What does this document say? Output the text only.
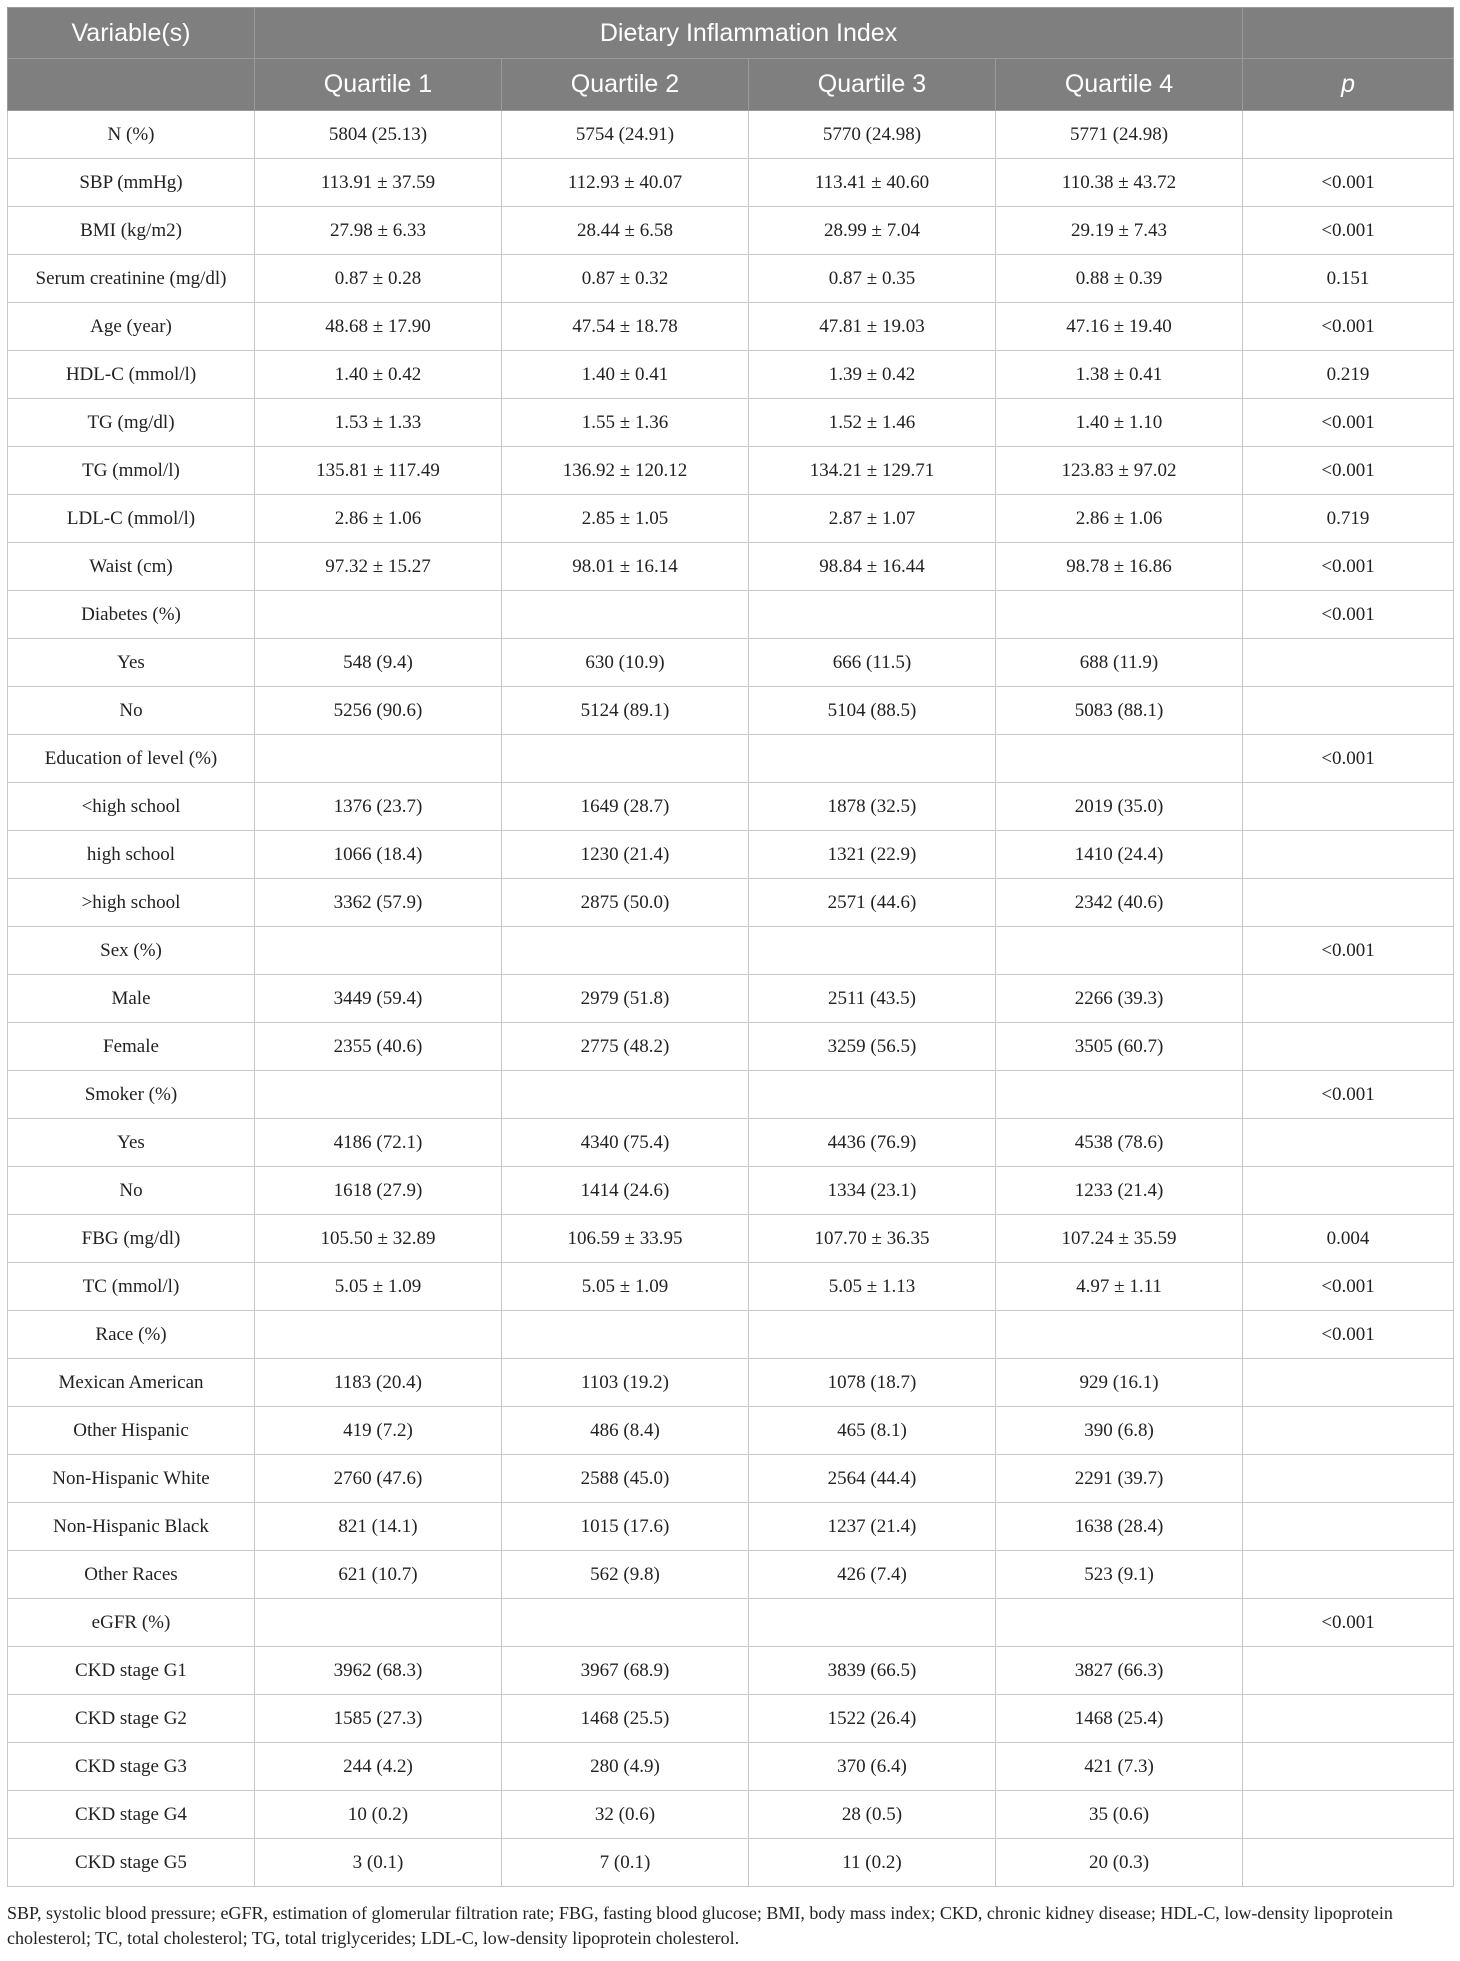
Variable(s)	Dietary Inflammation Index				
	Quartile 1	Quartile 2	Quartile 3	Quartile 4	p
N (%)	5804 (25.13)	5754 (24.91)	5770 (24.98)	5771 (24.98)	
SBP (mmHg)	113.91 ± 37.59	112.93 ± 40.07	113.41 ± 40.60	110.38 ± 43.72	<0.001
BMI (kg/m2)	27.98 ± 6.33	28.44 ± 6.58	28.99 ± 7.04	29.19 ± 7.43	<0.001
Serum creatinine (mg/dl)	0.87 ± 0.28	0.87 ± 0.32	0.87 ± 0.35	0.88 ± 0.39	0.151
Age (year)	48.68 ± 17.90	47.54 ± 18.78	47.81 ± 19.03	47.16 ± 19.40	<0.001
HDL-C (mmol/l)	1.40 ± 0.42	1.40 ± 0.41	1.39 ± 0.42	1.38 ± 0.41	0.219
TG (mg/dl)	1.53 ± 1.33	1.55 ± 1.36	1.52 ± 1.46	1.40 ± 1.10	<0.001
TG (mmol/l)	135.81 ± 117.49	136.92 ± 120.12	134.21 ± 129.71	123.83 ± 97.02	<0.001
LDL-C (mmol/l)	2.86 ± 1.06	2.85 ± 1.05	2.87 ± 1.07	2.86 ± 1.06	0.719
Waist (cm)	97.32 ± 15.27	98.01 ± 16.14	98.84 ± 16.44	98.78 ± 16.86	<0.001
Diabetes (%)					<0.001
Yes	548 (9.4)	630 (10.9)	666 (11.5)	688 (11.9)	
No	5256 (90.6)	5124 (89.1)	5104 (88.5)	5083 (88.1)	
Education of level (%)					<0.001
<high school	1376 (23.7)	1649 (28.7)	1878 (32.5)	2019 (35.0)	
high school	1066 (18.4)	1230 (21.4)	1321 (22.9)	1410 (24.4)	
>high school	3362 (57.9)	2875 (50.0)	2571 (44.6)	2342 (40.6)	
Sex (%)					<0.001
Male	3449 (59.4)	2979 (51.8)	2511 (43.5)	2266 (39.3)	
Female	2355 (40.6)	2775 (48.2)	3259 (56.5)	3505 (60.7)	
Smoker (%)					<0.001
Yes	4186 (72.1)	4340 (75.4)	4436 (76.9)	4538 (78.6)	
No	1618 (27.9)	1414 (24.6)	1334 (23.1)	1233 (21.4)	
FBG (mg/dl)	105.50 ± 32.89	106.59 ± 33.95	107.70 ± 36.35	107.24 ± 35.59	0.004
TC (mmol/l)	5.05 ± 1.09	5.05 ± 1.09	5.05 ± 1.13	4.97 ± 1.11	<0.001
Race (%)					<0.001
Mexican American	1183 (20.4)	1103 (19.2)	1078 (18.7)	929 (16.1)	
Other Hispanic	419 (7.2)	486 (8.4)	465 (8.1)	390 (6.8)	
Non-Hispanic White	2760 (47.6)	2588 (45.0)	2564 (44.4)	2291 (39.7)	
Non-Hispanic Black	821 (14.1)	1015 (17.6)	1237 (21.4)	1638 (28.4)	
Other Races	621 (10.7)	562 (9.8)	426 (7.4)	523 (9.1)	
eGFR (%)					<0.001
CKD stage G1	3962 (68.3)	3967 (68.9)	3839 (66.5)	3827 (66.3)	
CKD stage G2	1585 (27.3)	1468 (25.5)	1522 (26.4)	1468 (25.4)	
CKD stage G3	244 (4.2)	280 (4.9)	370 (6.4)	421 (7.3)	
CKD stage G4	10 (0.2)	32 (0.6)	28 (0.5)	35 (0.6)	
CKD stage G5	3 (0.1)	7 (0.1)	11 (0.2)	20 (0.3)	
SBP, systolic blood pressure; eGFR, estimation of glomerular filtration rate; FBG, fasting blood glucose; BMI, body mass index; CKD, chronic kidney disease; HDL-C, low-density lipoprotein cholesterol; TC, total cholesterol; TG, total triglycerides; LDL-C, low-density lipoprotein cholesterol.
